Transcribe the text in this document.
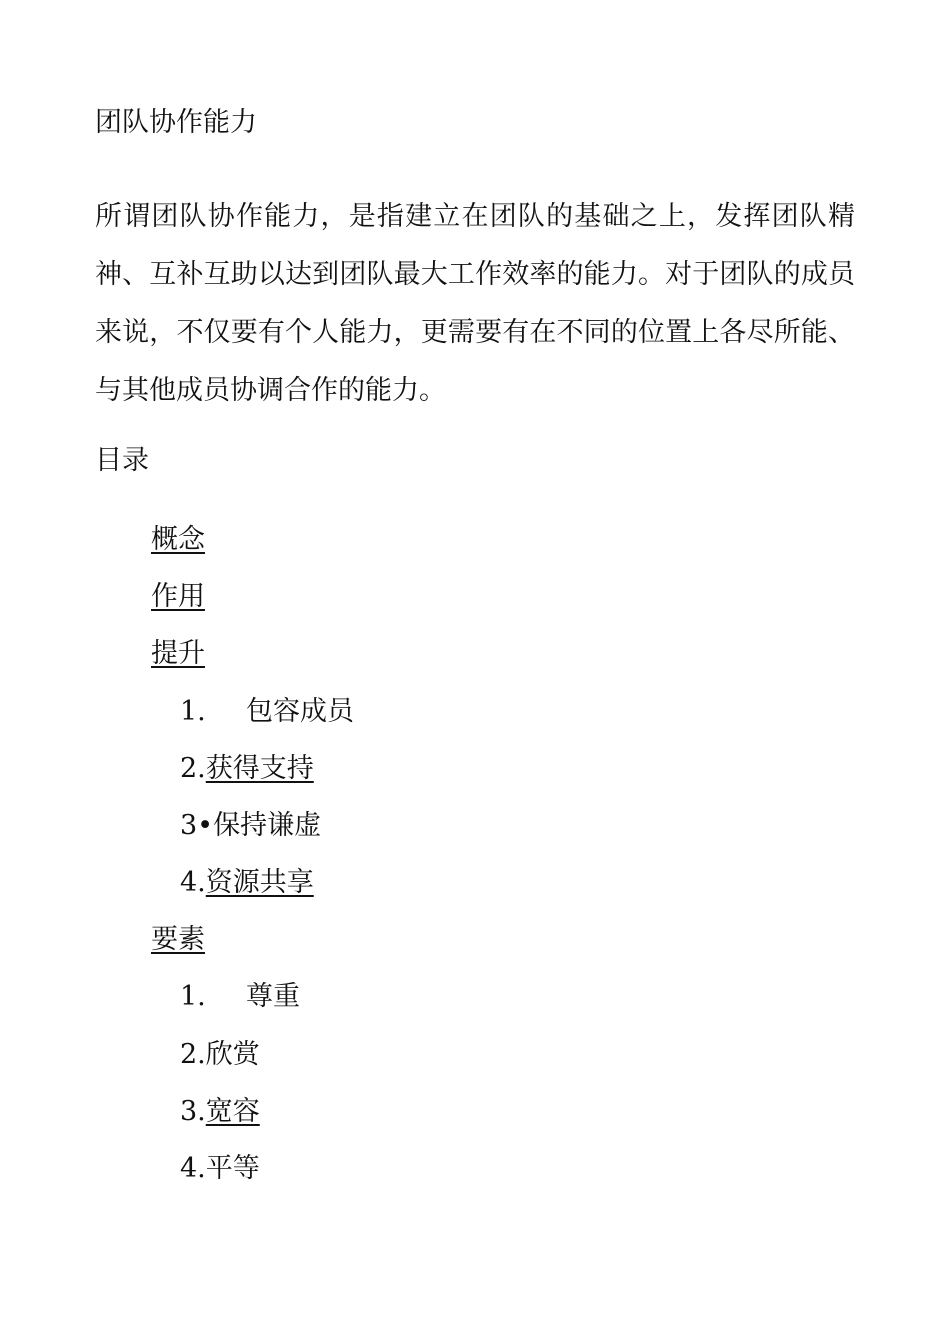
团队协作能力

所谓团队协作能力，是指建立在团队的基础之上，发挥团队精神、互补互助以达到团队最大工作效率的能力。对于团队的成员来说，不仅要有个人能力，更需要有在不同的位置上各尽所能、与其他成员协调合作的能力。

目录
概念
作用
提升
1. 包容成员
2.获得支持
3•保持谦虚
4.资源共享
要素
1. 尊重
2.欣赏
3.宽容
4.平等
